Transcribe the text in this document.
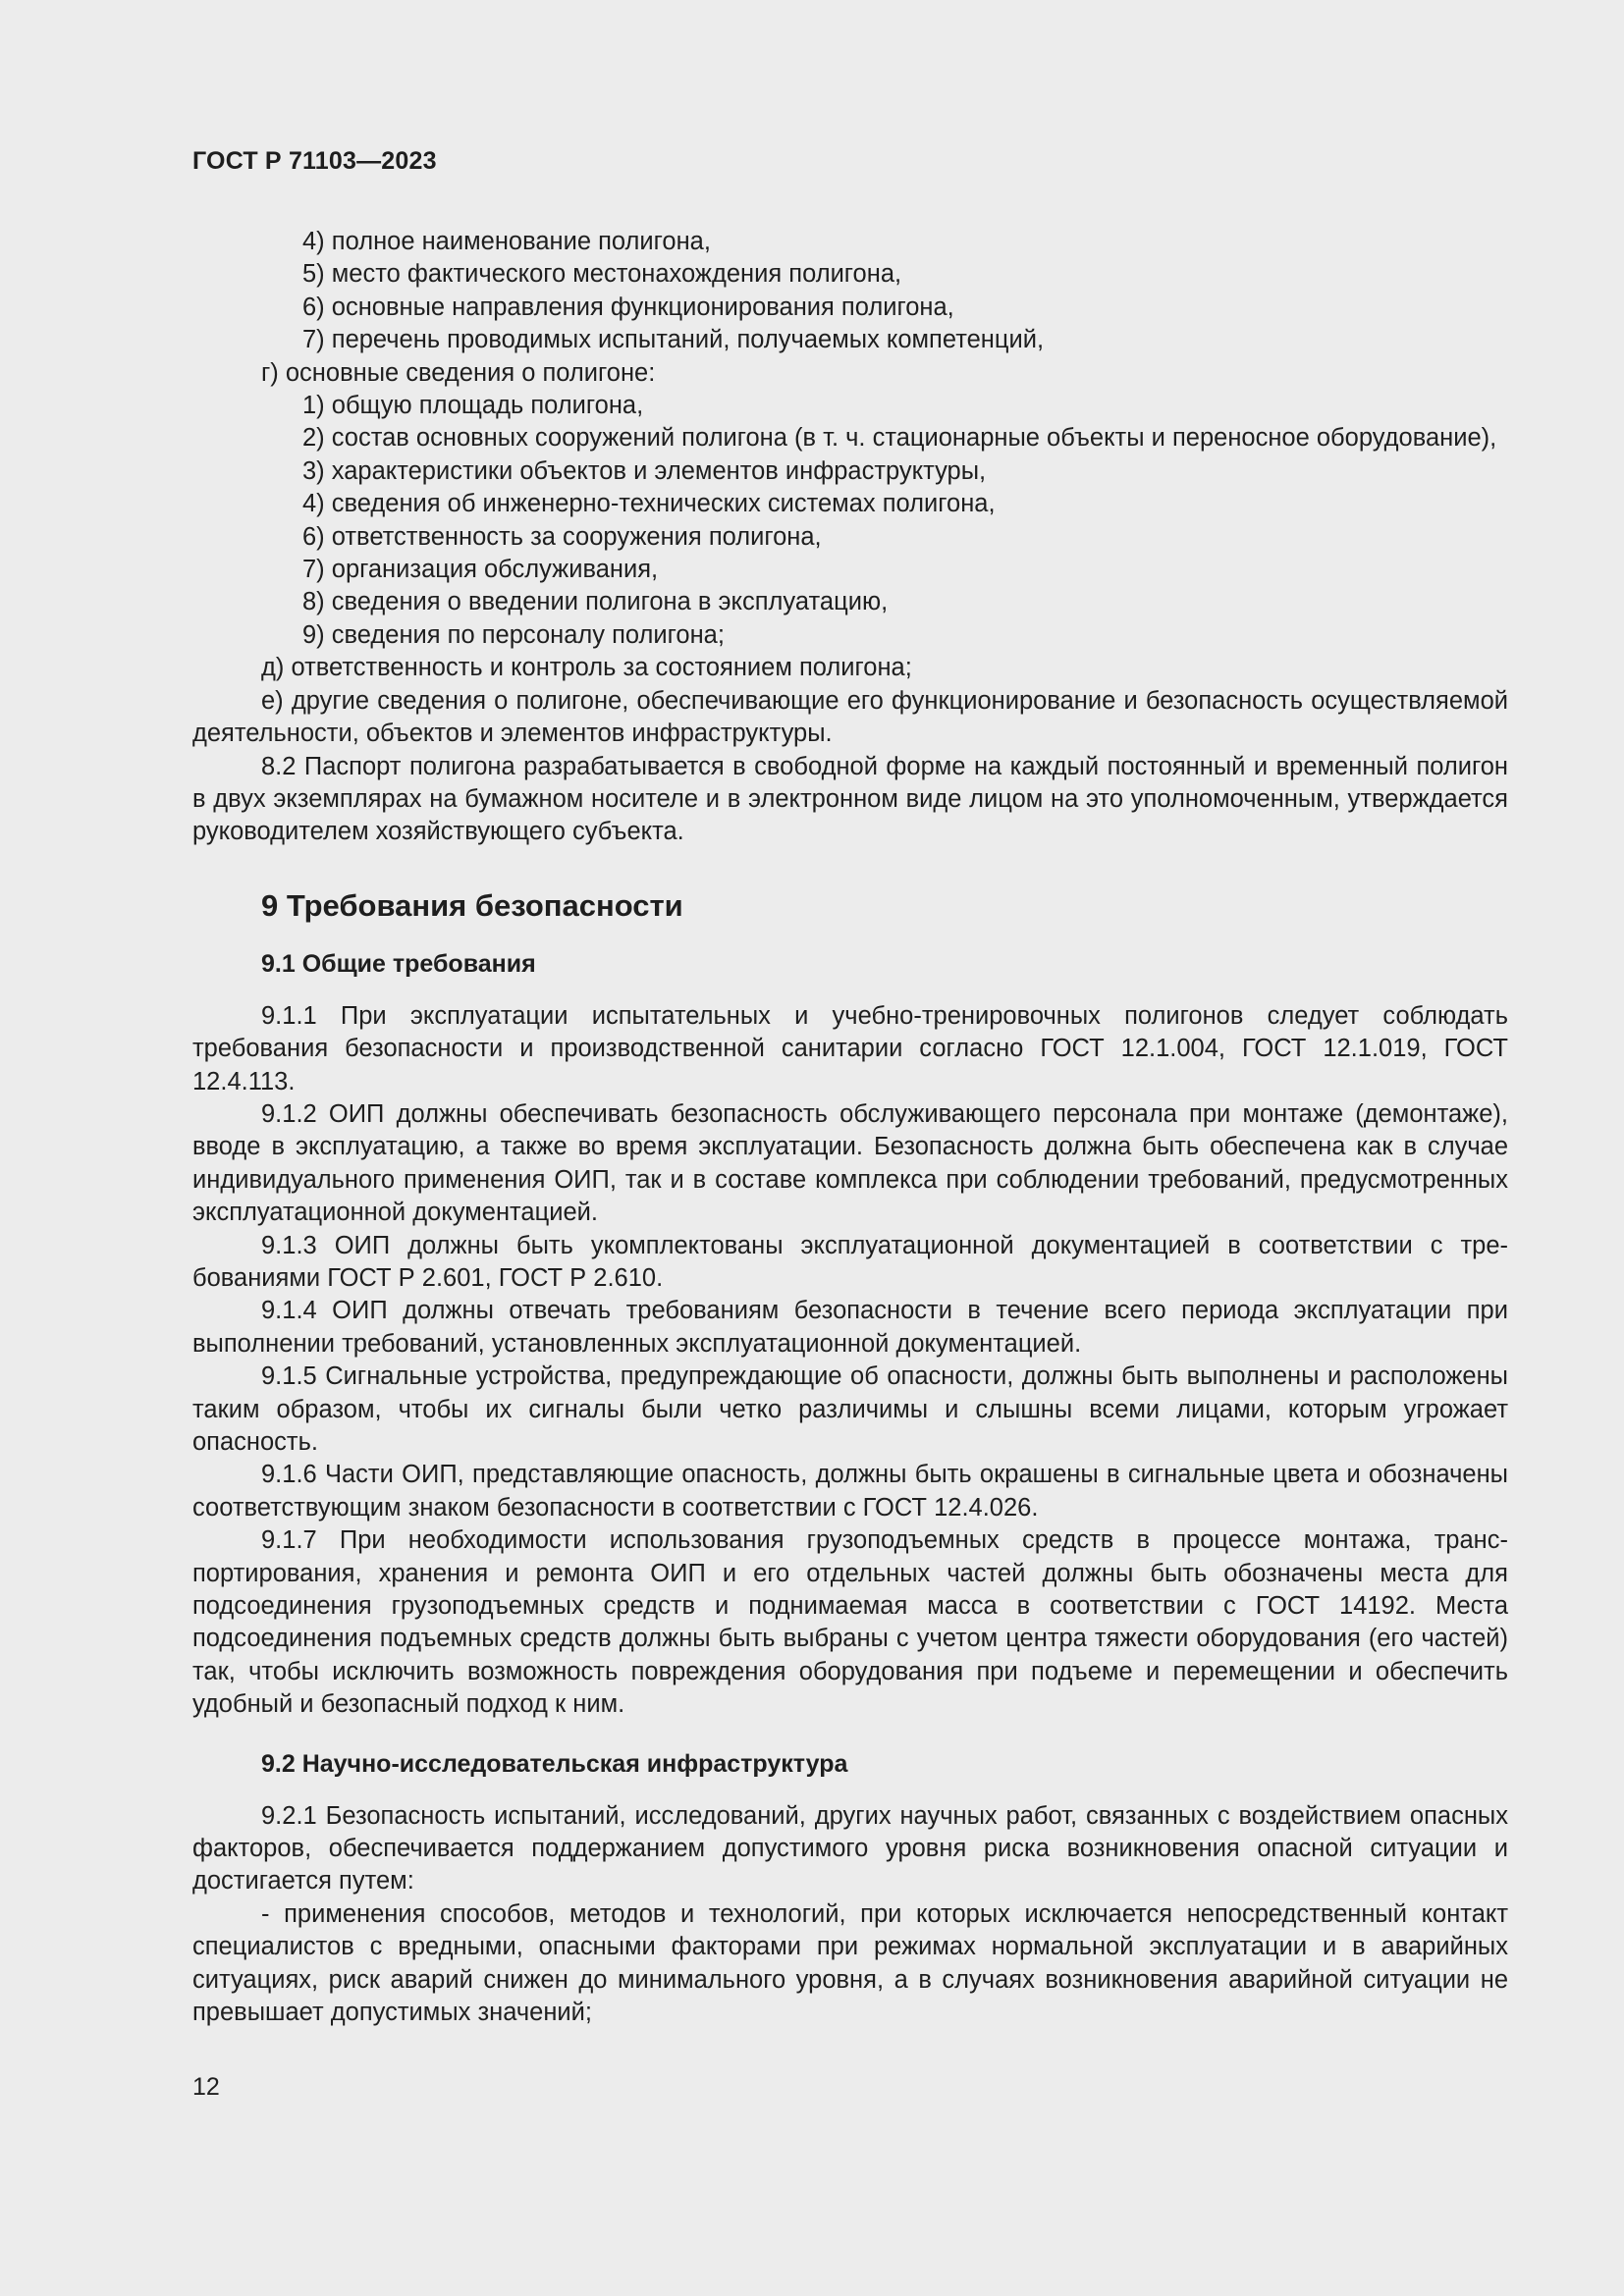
ГОСТ Р 71103—2023

4) полное наименование полигона,

5) место фактического местонахождения полигона,

6) основные направления функционирования полигона,

7) перечень проводимых испытаний, получаемых компетенций,

г) основные сведения о полигоне:

1) общую площадь полигона,

2) состав основных сооружений полигона (в т. ч. стационарные объекты и переносное оборудование),

3) характеристики объектов и элементов инфраструктуры,

4) сведения об инженерно-технических системах полигона,

6) ответственность за сооружения полигона,

7) организация обслуживания,

8) сведения о введении полигона в эксплуатацию,

9) сведения по персоналу полигона;

д) ответственность и контроль за состоянием полигона;

е) другие сведения о полигоне, обеспечивающие его функционирование и безопасность осуществляемой деятельности, объектов и элементов инфраструктуры.

8.2 Паспорт полигона разрабатывается в свободной форме на каждый постоянный и временный полигон в двух экземплярах на бумажном носителе и в электронном виде лицом на это уполномоченным, утверждается руководителем хозяйствующего субъекта.

9 Требования безопасности
9.1 Общие требования

9.1.1 При эксплуатации испытательных и учебно-тренировочных полигонов следует соблюдать требования безопасности и производственной санитарии согласно ГОСТ 12.1.004, ГОСТ 12.1.019, ГОСТ 12.4.113.

9.1.2 ОИП должны обеспечивать безопасность обслуживающего персонала при монтаже (демонтаже), вводе в эксплуатацию, а также во время эксплуатации. Безопасность должна быть обеспечена как в случае индивидуального применения ОИП, так и в составе комплекса при соблюдении требований, предусмотренных эксплуатационной документацией.

9.1.3 ОИП должны быть укомплектованы эксплуатационной документацией в соответствии с требованиями ГОСТ Р 2.601, ГОСТ Р 2.610.

9.1.4 ОИП должны отвечать требованиям безопасности в течение всего периода эксплуатации при выполнении требований, установленных эксплуатационной документацией.

9.1.5 Сигнальные устройства, предупреждающие об опасности, должны быть выполнены и расположены таким образом, чтобы их сигналы были четко различимы и слышны всеми лицами, которым угрожает опасность.

9.1.6 Части ОИП, представляющие опасность, должны быть окрашены в сигнальные цвета и обозначены соответствующим знаком безопасности в соответствии с ГОСТ 12.4.026.

9.1.7 При необходимости использования грузоподъемных средств в процессе монтажа, транспортирования, хранения и ремонта ОИП и его отдельных частей должны быть обозначены места для подсоединения грузоподъемных средств и поднимаемая масса в соответствии с ГОСТ 14192. Места подсоединения подъемных средств должны быть выбраны с учетом центра тяжести оборудования (его частей) так, чтобы исключить возможность повреждения оборудования при подъеме и перемещении и обеспечить удобный и безопасный подход к ним.

9.2 Научно-исследовательская инфраструктура

9.2.1 Безопасность испытаний, исследований, других научных работ, связанных с воздействием опасных факторов, обеспечивается поддержанием допустимого уровня риска возникновения опасной ситуации и достигается путем:

- применения способов, методов и технологий, при которых исключается непосредственный контакт специалистов с вредными, опасными факторами при режимах нормальной эксплуатации и в аварийных ситуациях, риск аварий снижен до минимального уровня, а в случаях возникновения аварийной ситуации не превышает допустимых значений;

12
